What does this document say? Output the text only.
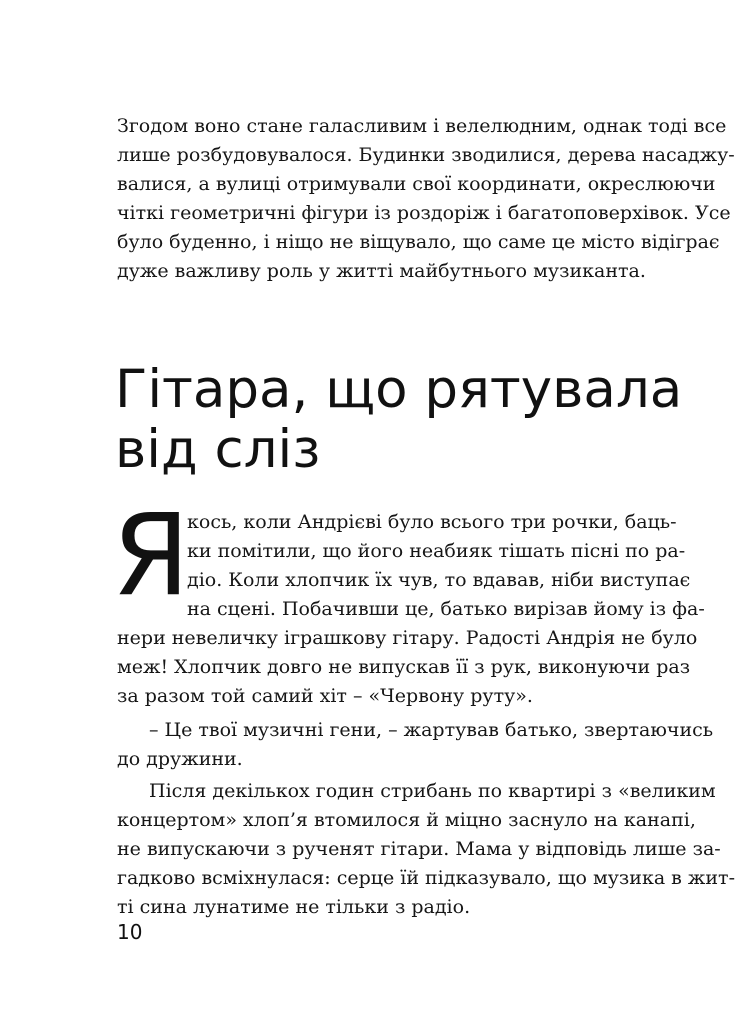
Згодом воно стане галасливим і велелюдним, однак тоді все
лише розбудовувалося. Будинки зводилися, дерева насаджу-
валися, а вулиці отримували свої координати, окреслюючи
чіткі геометричні фігури із роздоріж і багатоповерхівок. Усе
було буденно, і ніщо не віщувало, що саме це місто відіграє
дуже важливу роль у житті майбутнього музиканта.
Гітара, що рятувала
від сліз
Я
кось, коли Андрієві було всього три рочки, баць-
ки помітили, що його неабияк тішать пісні по ра-
діо. Коли хлопчик їх чув, то вдавав, ніби виступає
на сцені. Побачивши це, батько вирізав йому із фа-
нери невеличку іграшкову гітару. Радості Андрія не було
меж! Хлопчик довго не випускав її з рук, виконуючи раз
за разом той самий хіт – «Червону руту».
– Це твої музичні гени, – жартував батько, звертаючись
до дружини.
Після декількох годин стрибань по квартирі з «великим
концертом» хлоп’я втомилося й міцно заснуло на канапі,
не випускаючи з рученят гітари. Мама у відповідь лише за-
гадково всміхнулася: серце їй підказувало, що музика в жит-
ті сина лунатиме не тільки з радіо.
10
